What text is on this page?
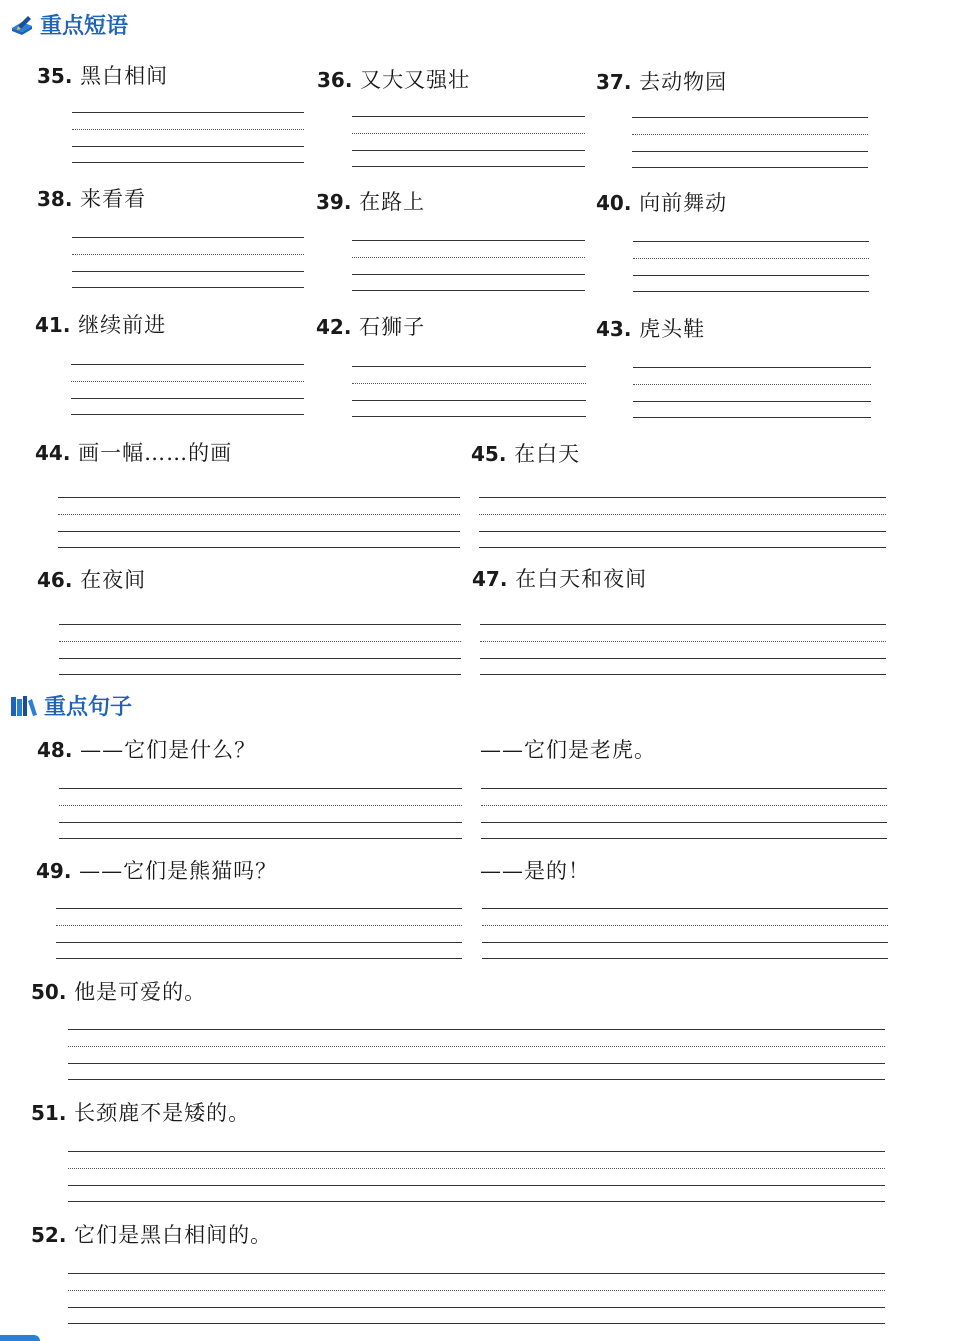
重点短语
35. 黑白相间	36. 又大又强壮	37. 去动物园
38. 来看看	39. 在路上	40. 向前舞动
41. 继续前进	42. 石狮子	43. 虎头鞋
44. 画一幅……的画	45. 在白天
46. 在夜间	47. 在白天和夜间
重点句子
48. ——它们是什么？	——它们是老虎。
49. ——它们是熊猫吗？	——是的！
50. 他是可爱的。
51. 长颈鹿不是矮的。
52. 它们是黑白相间的。
